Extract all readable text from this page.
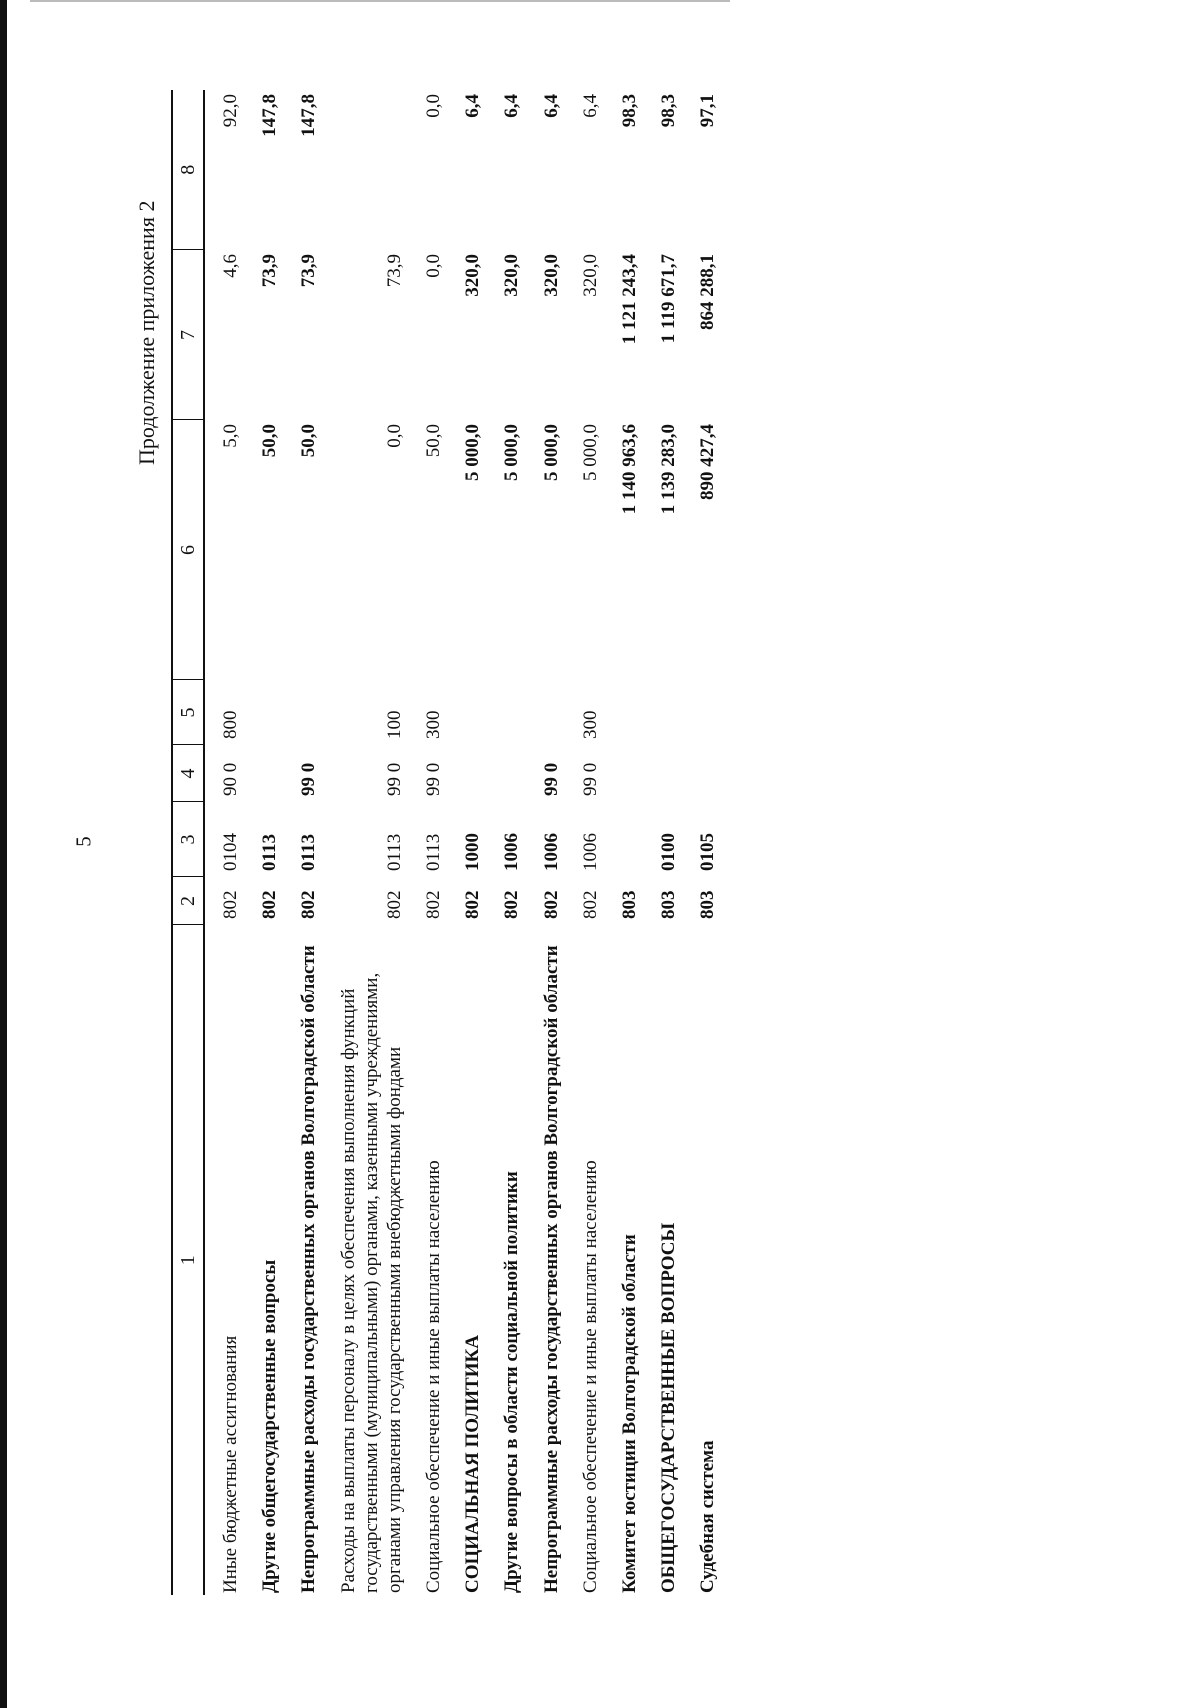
5
Продолжение приложения 2
1	2	3	4	5	6	7	8
Иные бюджетные ассигнования	802	0104	90 0	800	5,0	4,6	92,0
Другие общегосударственные вопросы	802	0113			50,0	73,9	147,8
Непрограммные расходы государственных органов Волгоградской области	802	0113	99 0		50,0	73,9	147,8
Расходы на выплаты персоналу в целях обеспечения выполнения функций государственными (муниципальными) органами, казенными учреждениями, органами управления государственными внебюджетными фондами	802	0113	99 0	100	0,0	73,9	
Социальное обеспечение и иные выплаты населению	802	0113	99 0	300	50,0	0,0	0,0
СОЦИАЛЬНАЯ ПОЛИТИКА	802	1000			5 000,0	320,0	6,4
Другие вопросы в области социальной политики	802	1006			5 000,0	320,0	6,4
Непрограммные расходы государственных органов Волгоградской области	802	1006	99 0		5 000,0	320,0	6,4
Социальное обеспечение и иные выплаты населению	802	1006	99 0	300	5 000,0	320,0	6,4
Комитет юстиции Волгоградской области	803				1 140 963,6	1 121 243,4	98,3
ОБЩЕГОСУДАРСТВЕННЫЕ ВОПРОСЫ	803	0100			1 139 283,0	1 119 671,7	98,3
Судебная система	803	0105			890 427,4	864 288,1	97,1
